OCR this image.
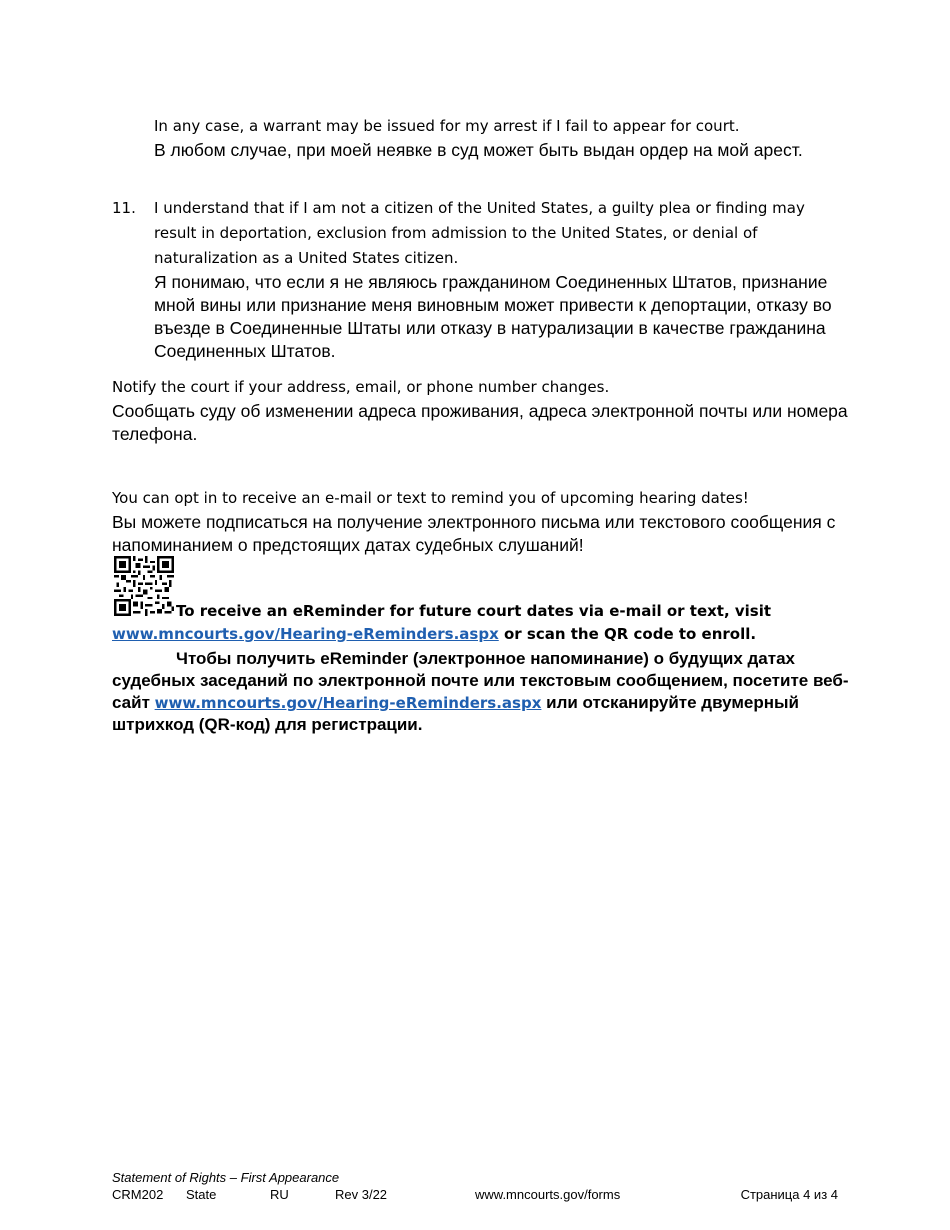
In any case, a warrant may be issued for my arrest if I fail to appear for court.
В любом случае, при моей неявке в суд может быть выдан ордер на мой арест.
11.	I understand that if I am not a citizen of the United States, a guilty plea or finding may result in deportation, exclusion from admission to the United States, or denial of naturalization as a United States citizen.
Я понимаю, что если я не являюсь гражданином Соединенных Штатов, признание мной вины или признание меня виновным может привести к депортации, отказу во въезде в Соединенные Штаты или отказу в натурализации в качестве гражданина Соединенных Штатов.
Notify the court if your address, email, or phone number changes.
Сообщать суду об изменении адреса проживания, адреса электронной почты или номера телефона.
You can opt in to receive an e-mail or text to remind you of upcoming hearing dates!
Вы можете подписаться на получение электронного письма или текстового сообщения с напоминанием о предстоящих датах судебных слушаний!
To receive an eReminder for future court dates via e-mail or text, visit
www.mncourts.gov/Hearing-eReminders.aspx or scan the QR code to enroll.
Чтобы получить eReminder (электронное напоминание) о будущих датах судебных заседаний по электронной почте или текстовым сообщением, посетите веб-сайт www.mncourts.gov/Hearing-eReminders.aspx или отсканируйте двумерный штрихкод (QR-код) для регистрации.
Statement of Rights – First Appearance
CRM202 State	RU	Rev 3/22	www.mncourts.gov/forms	Страница 4 из 4
